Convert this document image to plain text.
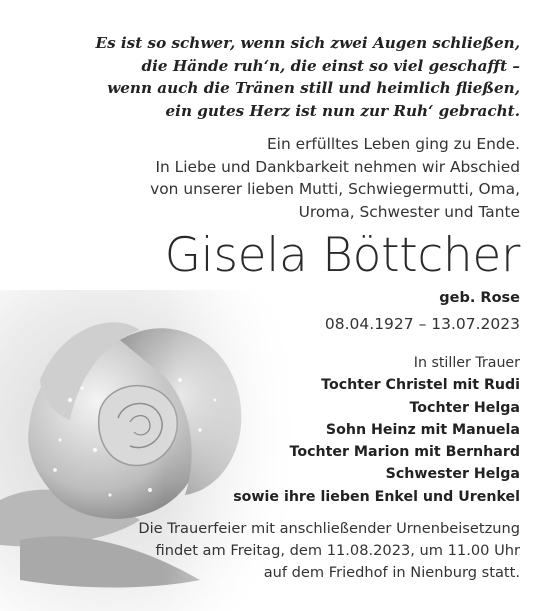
Es ist so schwer, wenn sich zwei Augen schließen,
die Hände ruh‘n, die einst so viel geschafft –
wenn auch die Tränen still und heimlich fließen,
ein gutes Herz ist nun zur Ruh‘ gebracht.
Ein erfülltes Leben ging zu Ende.
In Liebe und Dankbarkeit nehmen wir Abschied
von unserer lieben Mutti, Schwiegermutti, Oma,
Uroma, Schwester und Tante
Gisela Böttcher
geb. Rose
08.04.1927 – 13.07.2023
In stiller Trauer
Tochter Christel mit Rudi
Tochter Helga
Sohn Heinz mit Manuela
Tochter Marion mit Bernhard
Schwester Helga
sowie ihre lieben Enkel und Urenkel
Die Trauerfeier mit anschließender Urnenbeisetzung
findet am Freitag, dem 11.08.2023, um 11.00 Uhr
auf dem Friedhof in Nienburg statt.
